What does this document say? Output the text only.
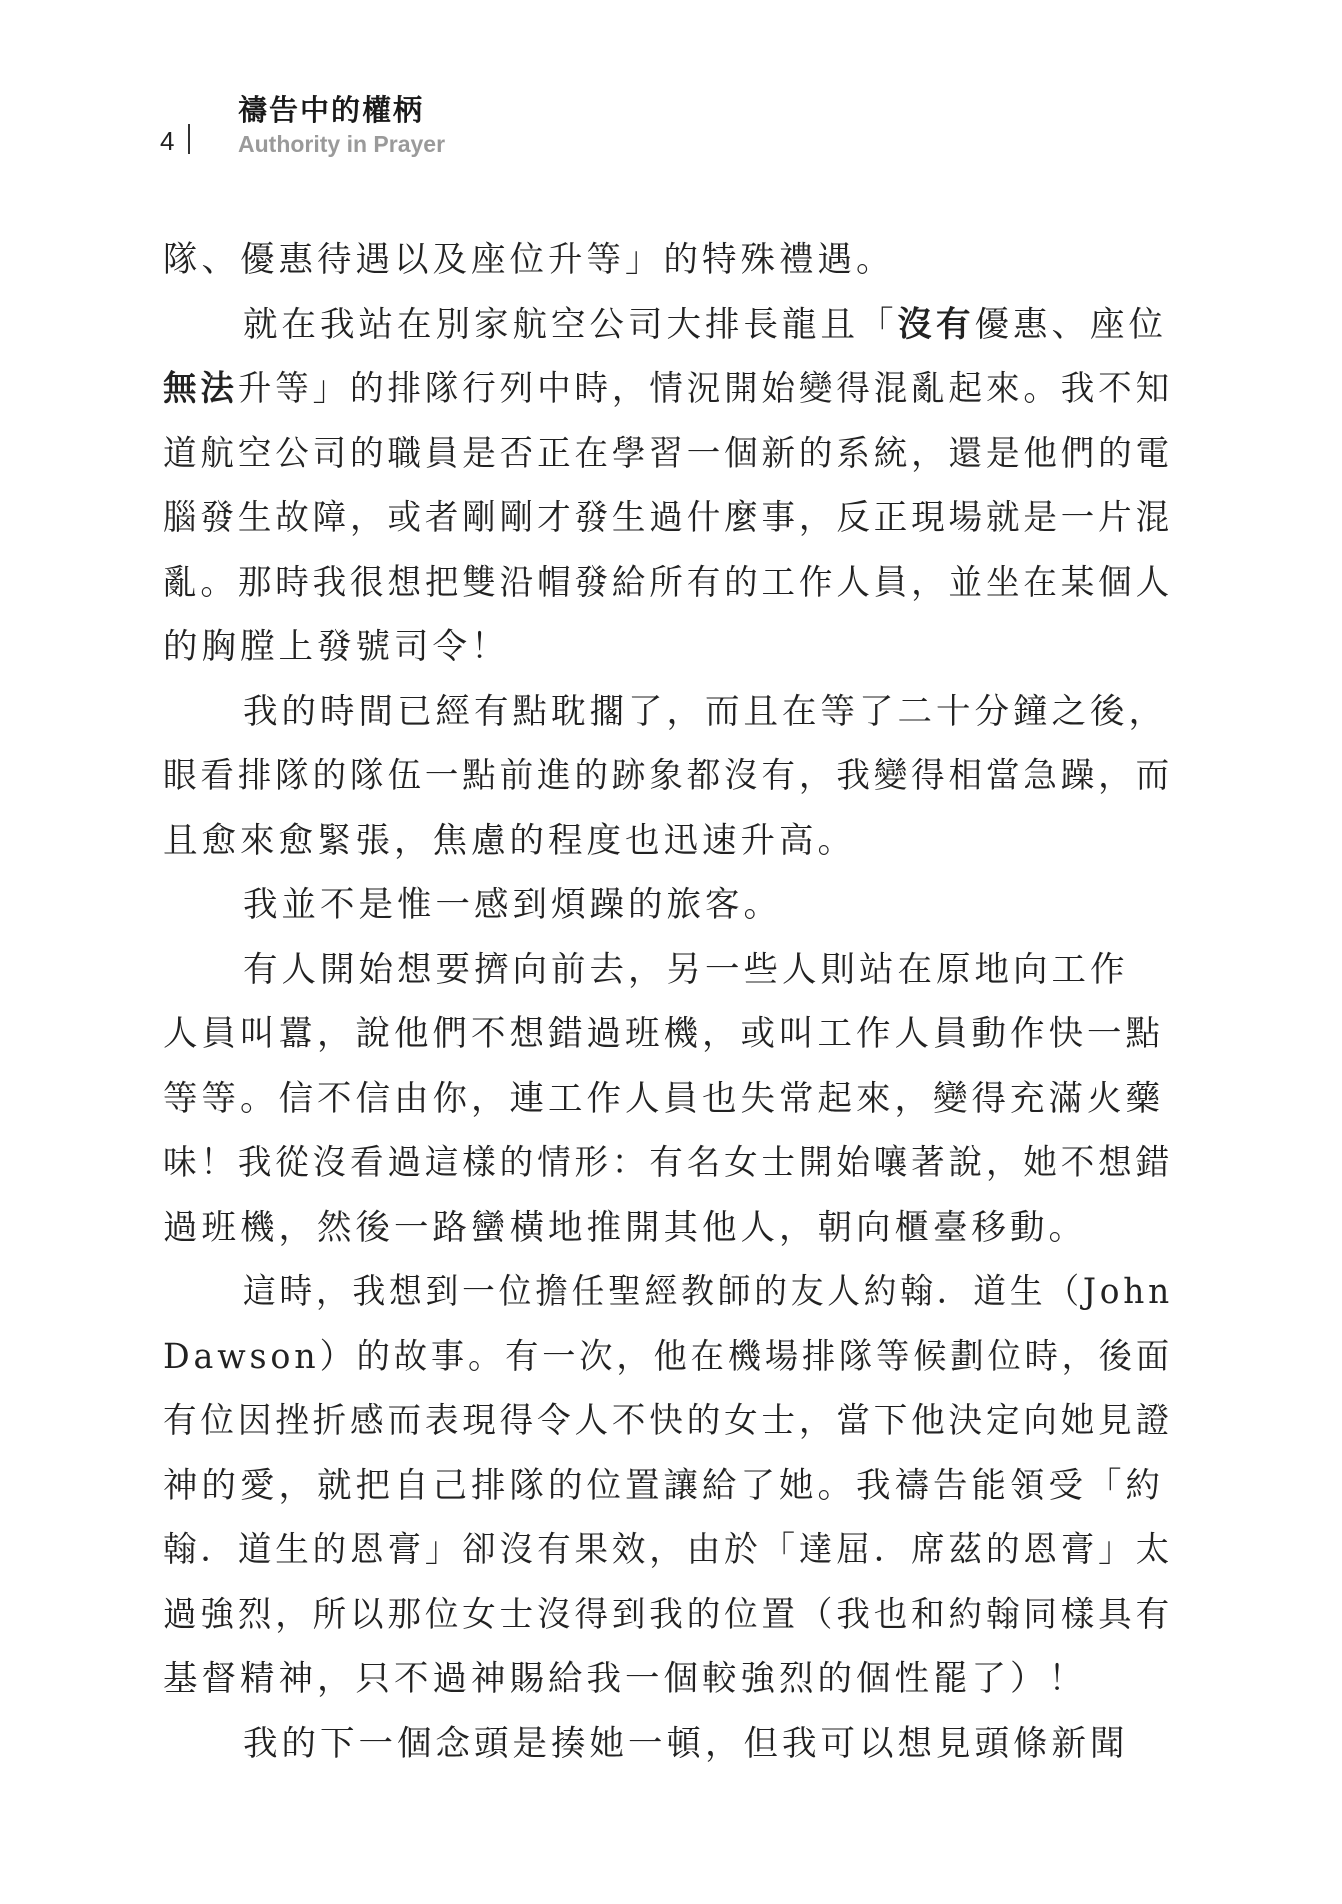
4
禱告中的權柄
Authority in Prayer
隊、優惠待遇以及座位升等」的特殊禮遇。
就在我站在別家航空公司大排長龍且「沒有優惠、座位
無法升等」的排隊行列中時，情況開始變得混亂起來。我不知
道航空公司的職員是否正在學習一個新的系統，還是他們的電
腦發生故障，或者剛剛才發生過什麼事，反正現場就是一片混
亂。那時我很想把雙沿帽發給所有的工作人員，並坐在某個人
的胸膛上發號司令！
我的時間已經有點耽擱了，而且在等了二十分鐘之後，
眼看排隊的隊伍一點前進的跡象都沒有，我變得相當急躁，而
且愈來愈緊張，焦慮的程度也迅速升高。
我並不是惟一感到煩躁的旅客。
有人開始想要擠向前去，另一些人則站在原地向工作
人員叫囂，說他們不想錯過班機，或叫工作人員動作快一點
等等。信不信由你，連工作人員也失常起來，變得充滿火藥
味！我從沒看過這樣的情形：有名女士開始嚷著說，她不想錯
過班機，然後一路蠻橫地推開其他人，朝向櫃臺移動。
這時，我想到一位擔任聖經教師的友人約翰．道生（John
Dawson）的故事。有一次，他在機場排隊等候劃位時，後面
有位因挫折感而表現得令人不快的女士，當下他決定向她見證
神的愛，就把自己排隊的位置讓給了她。我禱告能領受「約
翰．道生的恩膏」卻沒有果效，由於「達屈．席茲的恩膏」太
過強烈，所以那位女士沒得到我的位置（我也和約翰同樣具有
基督精神，只不過神賜給我一個較強烈的個性罷了）！
我的下一個念頭是揍她一頓，但我可以想見頭條新聞
